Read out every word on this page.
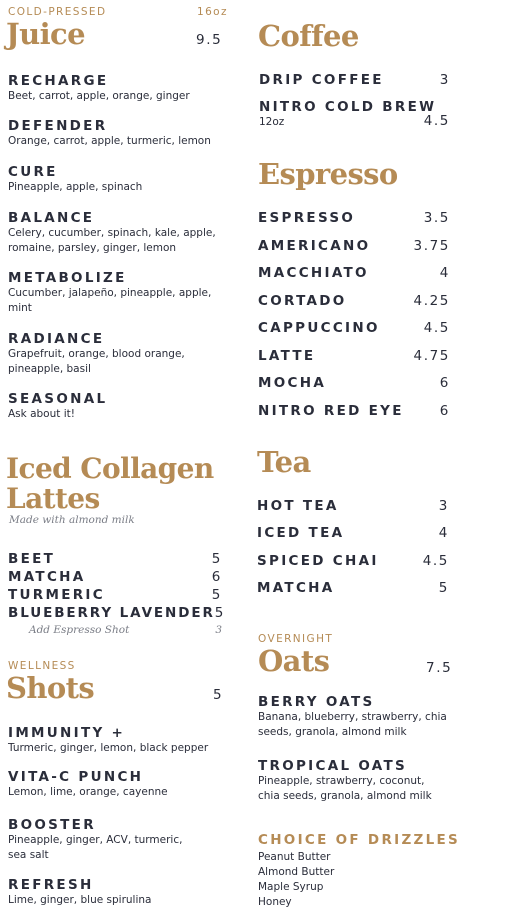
COLD-PRESSED	16oz
Juice	9.5
RECHARGE
Beet, carrot, apple, orange, ginger
DEFENDER
Orange, carrot, apple, turmeric, lemon
CURE
Pineapple, apple, spinach
BALANCE
Celery, cucumber, spinach, kale, apple, romaine, parsley, ginger, lemon
METABOLIZE
Cucumber, jalapeño, pineapple, apple, mint
RADIANCE
Grapefruit, orange, blood orange, pineapple, basil
SEASONAL
Ask about it!
Iced Collagen
Lattes
Made with almond milk
BEET	5
MATCHA	6
TURMERIC	5
BLUEBERRY LAVENDER 5
Add Espresso Shot	3
WELLNESS
Shots	5
IMMUNITY +
Turmeric, ginger, lemon, black pepper
VITA-C PUNCH
Lemon, lime, orange, cayenne
BOOSTER
Pineapple, ginger, ACV, turmeric, sea salt
REFRESH
Lime, ginger, blue spirulina
Coffee
DRIP COFFEE	3
NITRO COLD BREW
12oz	4.5
Espresso
ESPRESSO	3.5
AMERICANO	3.75
MACCHIATO	4
CORTADO	4.25
CAPPUCCINO	4.5
LATTE	4.75
MOCHA	6
NITRO RED EYE	6
Tea
HOT TEA	3
ICED TEA	4
SPICED CHAI	4.5
MATCHA	5
OVERNIGHT
Oats	7.5
BERRY OATS
Banana, blueberry, strawberry, chia seeds, granola, almond milk
TROPICAL OATS
Pineapple, strawberry, coconut, chia seeds, granola, almond milk
CHOICE OF DRIZZLES
Peanut Butter
Almond Butter
Maple Syrup
Honey
